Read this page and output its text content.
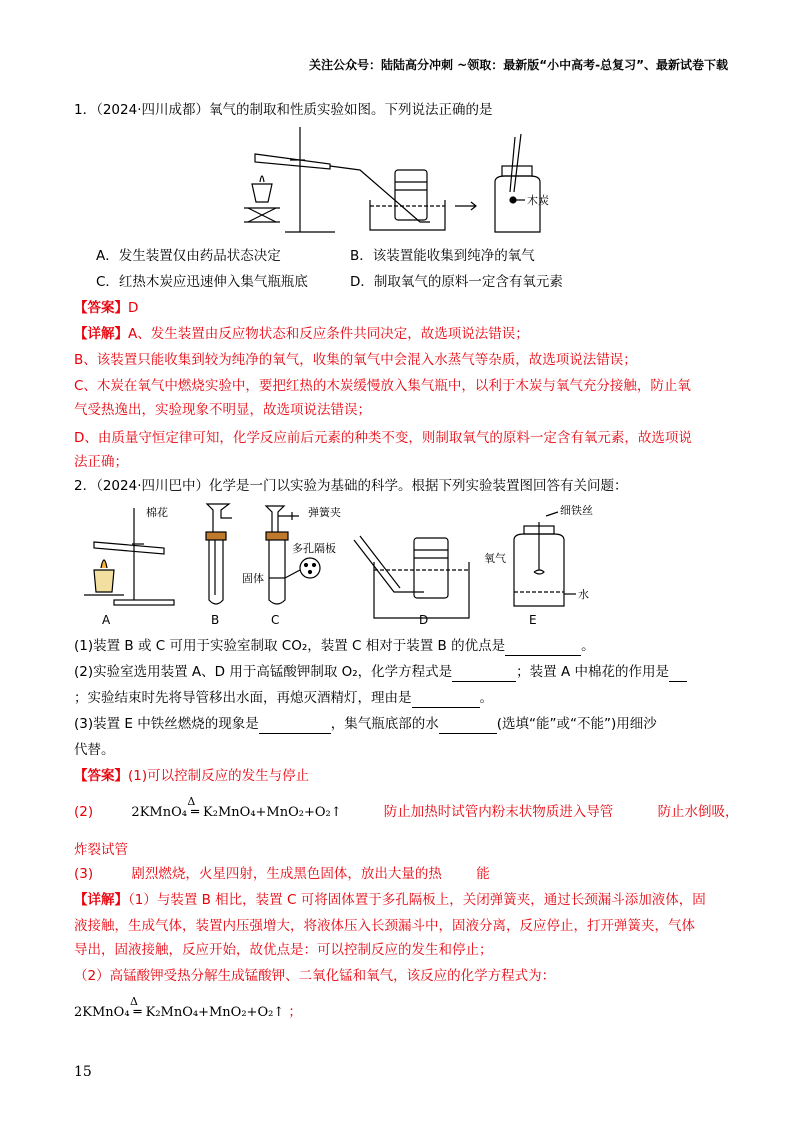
关注公众号：陆陆高分冲刺 ~领取：最新版“小中高考-总复习”、最新试卷下载
1．（2024·四川成都）氧气的制取和性质实验如图。下列说法正确的是
木炭
A．发生装置仅由药品状态决定	B．该装置能收集到纯净的氧气
C．红热木炭应迅速伸入集气瓶瓶底	D．制取氧气的原料一定含有氧元素
【答案】D
【详解】A、发生装置由反应物状态和反应条件共同决定，故选项说法错误；
B、该装置只能收集到较为纯净的氧气，收集的氧气中会混入水蒸气等杂质，故选项说法错误；
C、木炭在氧气中燃烧实验中，要把红热的木炭缓慢放入集气瓶中，以利于木炭与氧气充分接触，防止氧
气受热逸出，实验现象不明显，故选项说法错误；
D、由质量守恒定律可知，化学反应前后元素的种类不变，则制取氧气的原料一定含有氧元素，故选项说
法正确；
2．（2024·四川巴中）化学是一门以实验为基础的科学。根据下列实验装置图回答有关问题：
棉花	弹簧夹
多孔隔板
固体
细铁丝
氧气
水
A	B	C	D	E
(1)装置 B 或 C 可用于实验室制取 CO₂，装置 C 相对于装置 B 的优点是	。
(2)实验室选用装置 A、D 用于高锰酸钾制取 O₂，化学方程式是	；装置 A 中棉花的作用是
；实验结束时先将导管移出水面，再熄灭酒精灯，理由是	。
(3)装置 E 中铁丝燃烧的现象是	，集气瓶底部的水	(选填“能”或“不能”)用细沙
代替。
【答案】(1)可以控制反应的发生与停止
(2)
Δ
2KMnO₄ ═ K₂MnO₄+MnO₂+O₂↑	防止加热时试管内粉末状物质进入导管	防止水倒吸，
炸裂试管
(3)	剧烈燃烧，火星四射，生成黑色固体，放出大量的热	能
【详解】（1）与装置 B 相比，装置 C 可将固体置于多孔隔板上，关闭弹簧夹，通过长颈漏斗添加液体，固
液接触，生成气体，装置内压强增大，将液体压入长颈漏斗中，固液分离，反应停止，打开弹簧夹，气体
导出，固液接触，反应开始，故优点是：可以控制反应的发生和停止；
（2）高锰酸钾受热分解生成锰酸钾、二氧化锰和氧气，该反应的化学方程式为：
Δ
2KMnO₄ ═ K₂MnO₄+MnO₂+O₂↑ ；
15
